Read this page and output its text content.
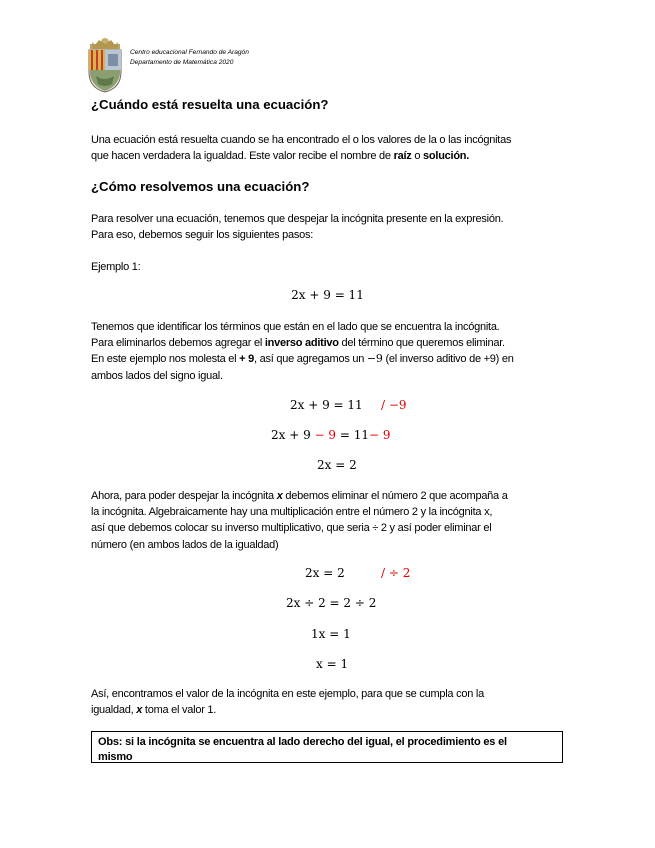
Centro educacional Fernando de Aragón
Departamento de Matemática 2020
¿Cuándo está resuelta una ecuación?
Una ecuación está resuelta cuando se ha encontrado el o los valores de la o las incógnitas
que hacen verdadera la igualdad. Este valor recibe el nombre de raíz o solución.
¿Cómo resolvemos una ecuación?
Para resolver una ecuación, tenemos que despejar la incógnita presente en la expresión.
Para eso, debemos seguir los siguientes pasos:
Ejemplo 1:
2x + 9 = 11
Tenemos que identificar los términos que están en el lado que se encuentra la incógnita.
Para eliminarlos debemos agregar el inverso aditivo del término que queremos eliminar.
En este ejemplo nos molesta el + 9, así que agregamos un −9 (el inverso aditivo de +9) en
ambos lados del signo igual.
2x + 9 = 11 / −9
2x + 9 − 9 = 11− 9
2x = 2
Ahora, para poder despejar la incógnita x debemos eliminar el número 2 que acompaña a
la incógnita. Algebraicamente hay una multiplicación entre el número 2 y la incógnita x,
así que debemos colocar su inverso multiplicativo, que seria ÷ 2 y así poder eliminar el
número (en ambos lados de la igualdad)
2x = 2	/ ÷ 2
2x ÷ 2 = 2 ÷ 2
1x = 1
x = 1
Así, encontramos el valor de la incógnita en este ejemplo, para que se cumpla con la
igualdad, x toma el valor 1.
Obs: si la incógnita se encuentra al lado derecho del igual, el procedimiento es el
mismo
